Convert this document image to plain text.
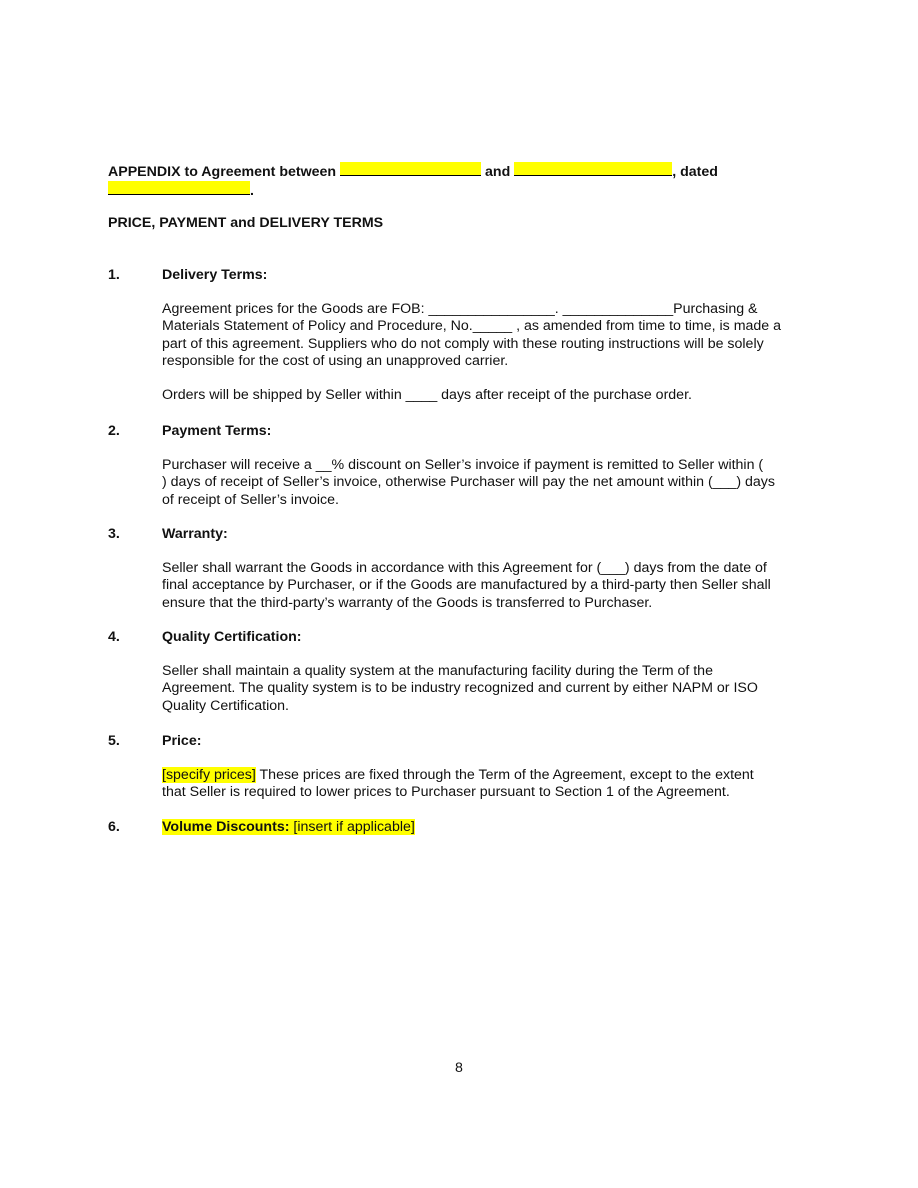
APPENDIX to Agreement between	and	, dated
.
PRICE, PAYMENT and DELIVERY TERMS
1.	Delivery Terms:
Agreement prices for the Goods are FOB: ________________. ______________Purchasing &
Materials Statement of Policy and Procedure, No._____ , as amended from time to time, is made a
part of this agreement. Suppliers who do not comply with these routing instructions will be solely
responsible for the cost of using an unapproved carrier.
Orders will be shipped by Seller within ____ days after receipt of the purchase order.
2.	Payment Terms:
Purchaser will receive a __% discount on Seller’s invoice if payment is remitted to Seller within (
) days of receipt of Seller’s invoice, otherwise Purchaser will pay the net amount within (___) days
of receipt of Seller’s invoice.
3.	Warranty:
Seller shall warrant the Goods in accordance with this Agreement for (___) days from the date of
final acceptance by Purchaser, or if the Goods are manufactured by a third-party then Seller shall
ensure that the third-party’s warranty of the Goods is transferred to Purchaser.
4.	Quality Certification:
Seller shall maintain a quality system at the manufacturing facility during the Term of the
Agreement. The quality system is to be industry recognized and current by either NAPM or ISO
Quality Certification.
5.	Price:
[specify prices] These prices are fixed through the Term of the Agreement, except to the extent
that Seller is required to lower prices to Purchaser pursuant to Section 1 of the Agreement.
6.	Volume Discounts: [insert if applicable]
8
